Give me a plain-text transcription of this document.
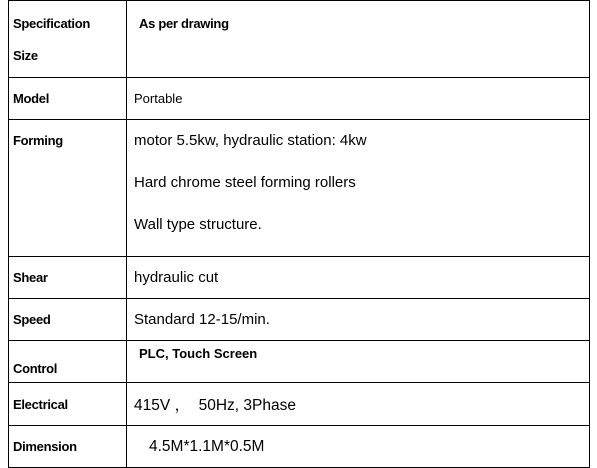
Specification
Size	As per drawing
Model	Portable
Forming	motor 5.5kw, hydraulic station: 4kw
Hard chrome steel forming rollers
Wall type structure.

Shear	hydraulic cut
Speed	Standard 12-15/min.
Control	PLC, Touch Screen
Electrical	415V ，  50Hz, 3Phase
Dimension	4.5M*1.1M*0.5M
